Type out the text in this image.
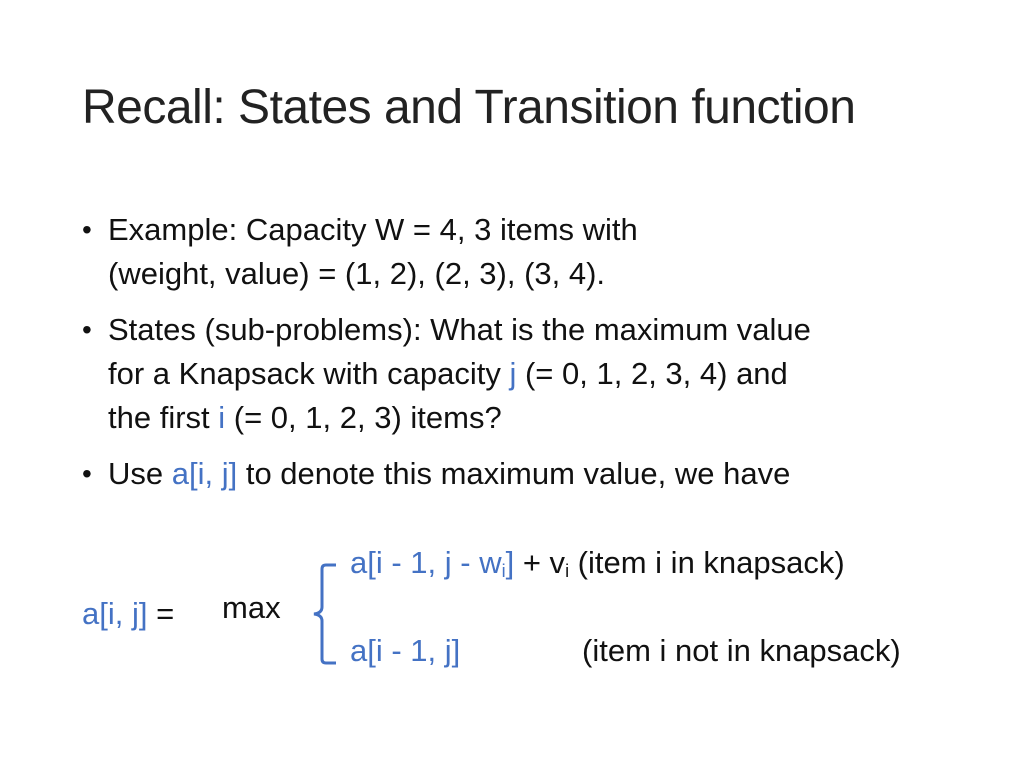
Recall: States and Transition function
• Example: Capacity W = 4, 3 items with
(weight, value) = (1, 2), (2, 3), (3, 4).
• States (sub-problems): What is the maximum value
for a Knapsack with capacity j (= 0, 1, 2, 3, 4) and
the first i (= 0, 1, 2, 3) items?
• Use a[i, j] to denote this maximum value, we have
a[i, j] = max
a[i - 1, $j - w_i] + v_i$ (item i in knapsack)
a[i - 1, j]	(item i not in knapsack)
